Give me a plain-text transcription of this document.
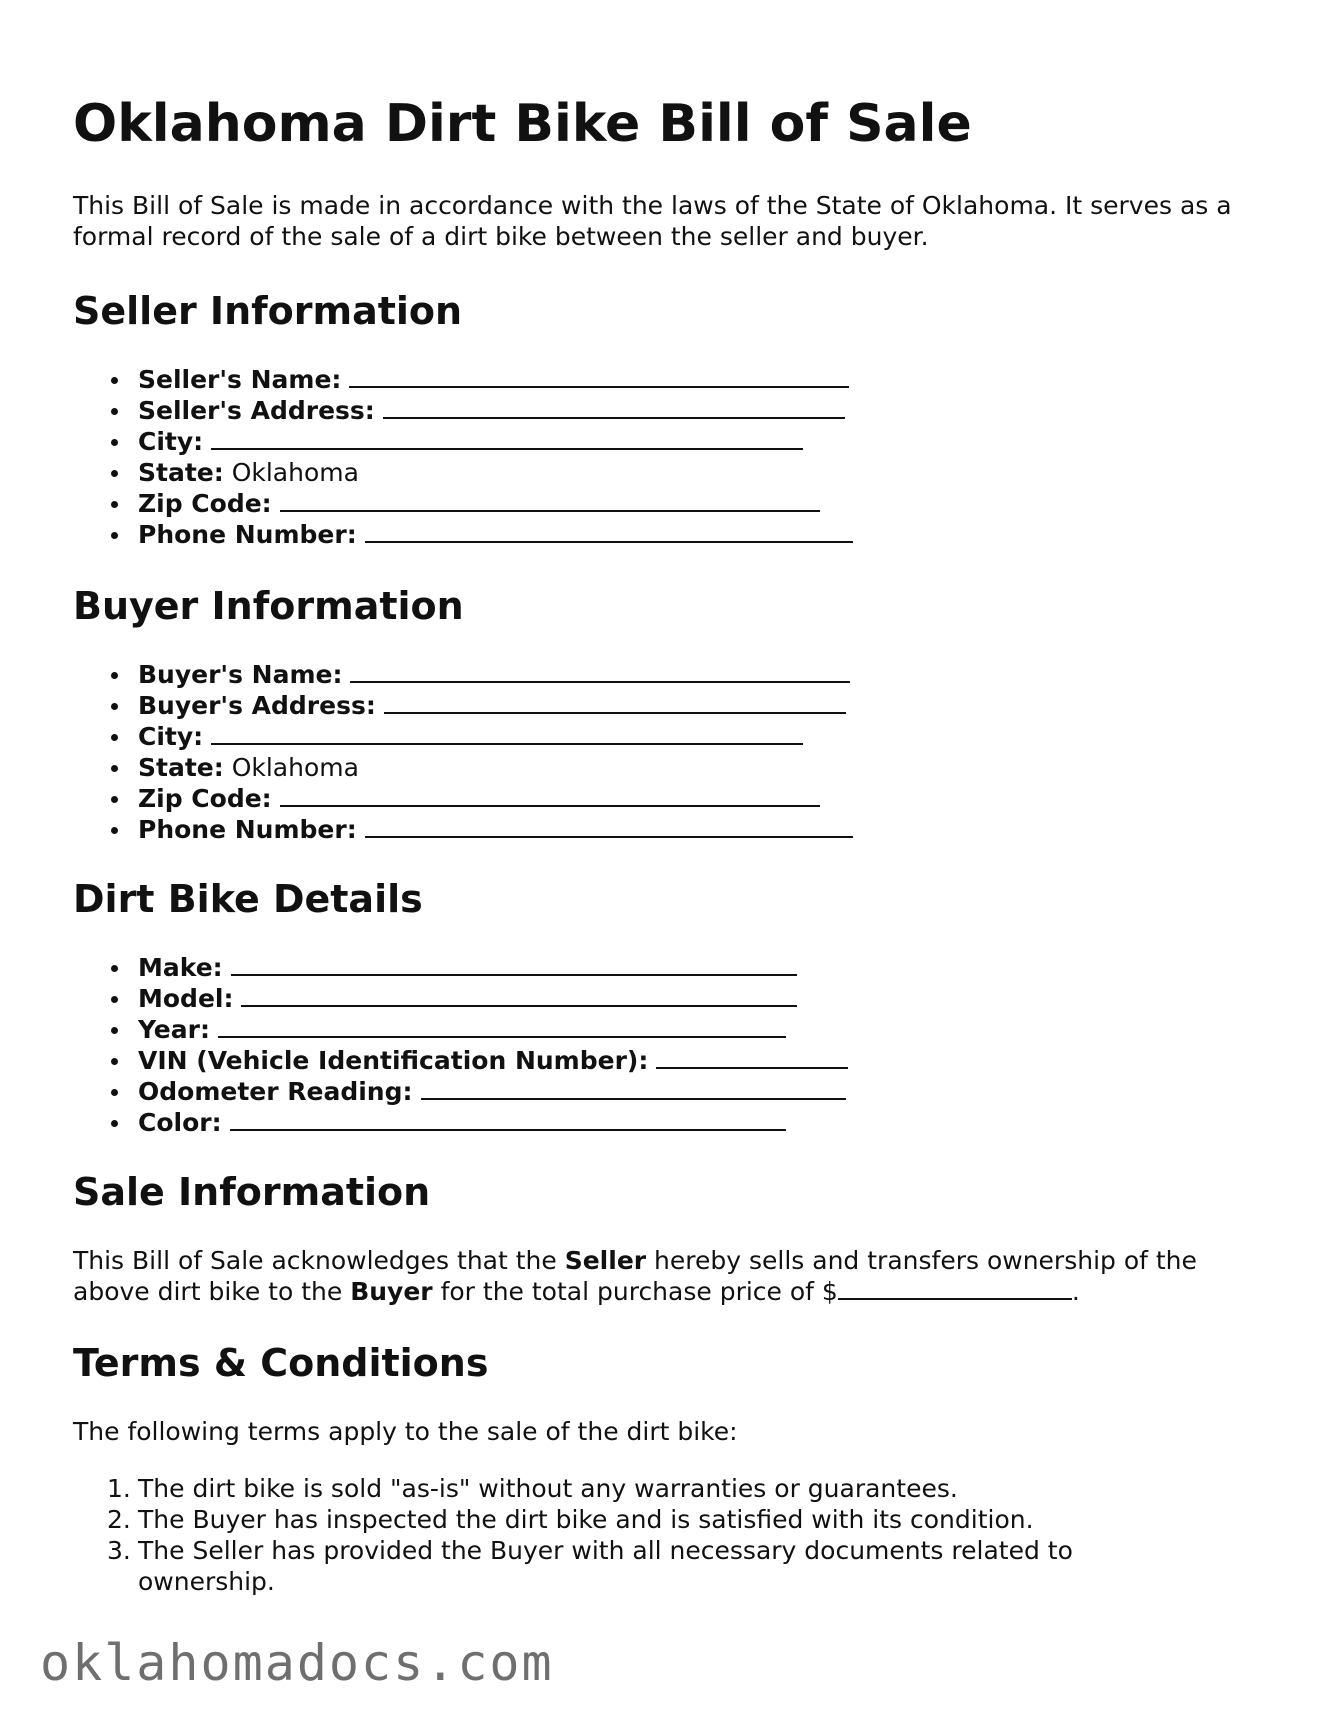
Oklahoma Dirt Bike Bill of Sale

This Bill of Sale is made in accordance with the laws of the State of Oklahoma. It serves as a formal record of the sale of a dirt bike between the seller and buyer.

Seller Information
Seller's Name:
Seller's Address:
City:
State: Oklahoma
Zip Code:
Phone Number:
Buyer Information
Buyer's Name:
Buyer's Address:
City:
State: Oklahoma
Zip Code:
Phone Number:
Dirt Bike Details
Make:
Model:
Year:
VIN (Vehicle Identification Number):
Odometer Reading:
Color:
Sale Information

This Bill of Sale acknowledges that the Seller hereby sells and transfers ownership of the above dirt bike to the Buyer for the total purchase price of $	.

Terms & Conditions

The following terms apply to the sale of the dirt bike:

1. The dirt bike is sold "as-is" without any warranties or guarantees.
2. The Buyer has inspected the dirt bike and is satisfied with its condition.
3. The Seller has provided the Buyer with all necessary documents related to ownership.
oklahomadocs.com
